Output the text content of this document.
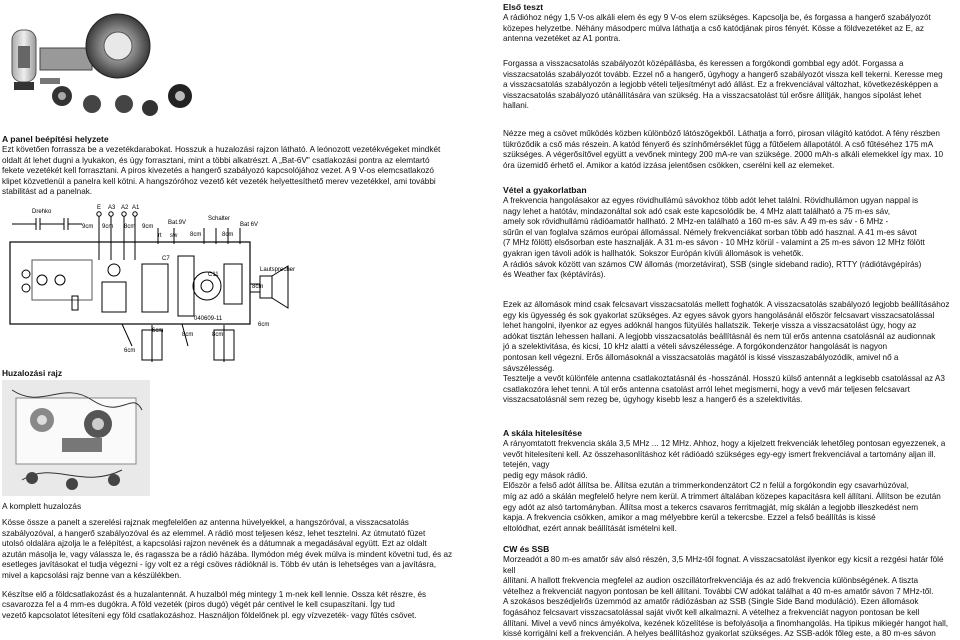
Első teszt

A rádióhoz négy 1,5 V-os alkáli elem és egy 9 V-os elem szükséges. Kapcsolja be, és forgassa a hangerő szabályozót

közepes helyzetbe. Néhány másodperc múlva láthatja a cső katódjának piros fényét. Kösse a földvezetéket az E, az

antenna vezetéket az A1 pontra.

Forgassa a visszacsatolás szabályozót középállásba, és keressen a forgókondi gombbal egy adót. Forgassa a

visszacsatolás szabályozót tovább. Ezzel nő a hangerő, úgyhogy a hangerő szabályozót vissza kell tekerni. Keresse meg

a visszacsatolás szabályozón a legjobb vételi teljesítményt adó állást. Ez a frekvenciával változhat, következésképpen a

visszacsatolás szabályozó utánállítására van szükség. Ha a visszacsatolást túl erősre állítják, hangos sípolást lehet

hallani.

Nézze meg a csövet működés közben különböző látószögekből. Láthatja a forró, pirosan világító katódot. A fény részben

tükröződik a cső más részein. A katód fényerő és színhőmérséklet függ a fűtőelem állapotától. A cső fűtéséhez 175 mA

szükséges. A végerősítővel együtt a vevőnek mintegy 200 mA-re van szüksége. 2000 mAh-s alkáli elemekkel így max. 10

óra üzemidő érhető el. Amikor a katód izzása jelentősen csökken, cserélni kell az elemeket.

Vétel a gyakorlatban

A frekvencia hangolásakor az egyes rövidhullámú sávokhoz több adót lehet találni. Rövidhullámon ugyan nappal is

nagy lehet a hatótáv, mindazonáltal sok adó csak este kapcsolódik be. 4 MHz alatt található a 75 m-es sáv,

amely sok rövidhullámú rádióamatőr hallható. 2 MHz-en található a 160 m-es sáv. A 49 m-es sáv - 6 MHz -

sűrűn el van foglalva számos európai állomással. Némely frekvenciákat sorban több adó hasznal. A 41 m-es sávot

(7 MHz fölött) elsősorban este hasznalják. A 31 m-es sávon - 10 MHz körül - valamint a 25 m-es sávon 12 MHz fölött

gyakran igen távoli adók is hallhatók. Sokszor Európán kívüli állomások is vehetők.

A rádiós sávok között van számos CW állomás (morzetávirat), SSB (single sideband radio), RTTY (rádiótávgépírás)

és Weather fax (képtávírás).

Ezek az állomások mind csak felcsavart visszacsatolás mellett foghatók. A visszacsatolás szabályozó legjobb beállításához

egy kis ügyesség és sok gyakorlat szükséges. Az egyes sávok gyors hangolásánál először felcsavart visszacsatolással

lehet hangolni, ilyenkor az egyes adóknál hangos fütyülés hallatszik. Tekerje vissza a visszacsatolást úgy, hogy az

adókat tisztán lehessen hallani. A legjobb visszacsatolás beállításnál és nem túl erős antenna csatolásnál az audionnak

jó a szelektivitása, és kicsi, 10 kHz alatti a vételi sávszélessége. A forgókondenzátor hangolását is nagyon

pontosan kell végezni. Erős állomásoknál a visszacsatolás magától is kissé visszaszabályozódik, amivel nő a

sávszélesség.

Tesztelje a vevőt különféle antenna csatlakoztatásnál és -hosszánál. Hosszú külső antennát a legkisebb csatolással az A3

csatlakozóra lehet tenni. A túl erős antenna csatolást arról lehet megismerni, hogy a vevő már teljesen felcsavart

visszacsatolásnál sem rezeg be, úgyhogy kisebb lesz a hangerő és a szelektivitás.

A skála hitelesítése

A rányomtatott frekvencia skála 3,5 MHz ... 12 MHz. Ahhoz, hogy a kijelzett frekvenciák lehetőleg pontosan egyezzenek, a

vevőt hitelesíteni kell. Az összehasonlításhoz két rádióadó szükséges egy-egy ismert frekvenciával a tartomány aljan ill. tetején, vagy

pedig egy mások rádió.

Először a felső adót állítsa be. Állítsa ezután a trimmerkondenzátort C2 n felül a forgókondin egy csavarhúzóval,

míg az adó a skálán megfelelő helyre nem kerül. A trimmert általában közepes kapacitásra kell állítani. Állítson be ezután

egy adót az alsó tartományban. Állítsa most a tekercs csavaros ferritmagját, míg skálán a legjobb illeszkedést nem

kapja. A frekvencia csökken, amikor a mag mélyebbre kerül a tekercsbe. Ezzel a felső beállítás is kissé

eltolódhat, ezért annak beállítását ismételni kell.

CW és SSB

Morzeadót a 80 m-es amatőr sáv alsó részén, 3,5 MHz-től fognat. A visszacsatolást ilyenkor egy kicsit a rezgési határ fölé kell

állítani. A hallott frekvencia megfelel az audion oszcillátorfrekvenciája és az adó frekvencia különbségének. A tiszta

vételhez a frekvenciát nagyon pontosan be kell állítani. További CW adókat találhat a 40 m-es amatőr sávon 7 MHz-től.

A szokásos beszédjelrős üzemmód az amatőr rádiózásban az SSB (Single Side Band moduláció). Ezen állomások

fogásához felcsavart visszacsatolással saját vivőt kell alkalmazni. A vételhez a frekvenciát nagyon pontosan be kell

állítani. Mivel a vevő nincs ámyékolva, kezének közelítése is befolyásolja a finomhangolás. Ha tipikus mikiegér hangot hall,

kissé korrigálni kell a frekvencián. A helyes beállításhoz gyakorlat szükséges. Az SSB-adók főleg este, a 80 m-es sávon

A panel beépítési helyzete

Ezt követően forrassza be a vezetékdarabokat. Hosszuk a huzalozási rajzon látható. A leónozott vezetékvégeket mindkét

oldalt át lehet dugni a lyukakon, és úgy forrasztani, mint a többi alkatrészt. A „Bat-6V" csatlakozási pontra az elemtartó

fekete vezetékét kell forrasztani. A piros kivezetés a hangerő szabályozó kapcsolójához vezet. A 9 V-os elemcsatlakozó

klipet közvetlenül a panelra kell kötni. A hangszóróhoz vezető két vezeték helyettesíthető merev vezetékkel, ami további

stabilitást ad a panelnak.

Drehko
E A3 A2 A1
Bat.9V
Schalter
Bat 6V
Lautsprecher
rt sw
C7
C11
040609-11
9cm 9cm 8cm
8cm	8cm
8cm
6cm
6cm
8cm	8cm
6cm
9cm
Huzalozási rajz
A komplett huzalozás

Kösse össze a panelt a szerelési rajznak megfelelően az antenna hüvelyekkel, a hangszóróval, a visszacsatolás

szabályozóval, a hangerő szabályozóval és az elemmel. A rádió most teljesen kész, lehet tesztelni. Az útmutató füzet

utolsó oldalára ajzolja le a felépítést, a kapcsolási rajzon nevének és a dátumnak a megadásával együtt. Ezt az oldalt

azután másolja le, vagy válassza le, és ragassza be a rádió házába. Ilymódon még évek múlva is mindent követni tud, és az

esetleges javításokat el tudja végezni - így volt ez a régi csöves rádióknál is. Több év után is lehetséges van a javításra,

mivel a kapcsolási rajz benne van a készülékben.

Készítse elő a földcsatlakozást és a huzalantennát. A huzalból még mintegy 1 m-nek kell lennie. Ossza két részre, és

csavarozza fel a 4 mm-es dugókra. A föld vezeték (piros dugó) végét pár centivel le kell csupaszítani. Így tud

vezető kapcsolatot létesíteni egy föld csatlakozáshoz. Használjon földelőnek pl. egy vízvezeték- vagy fűtés csövet.
